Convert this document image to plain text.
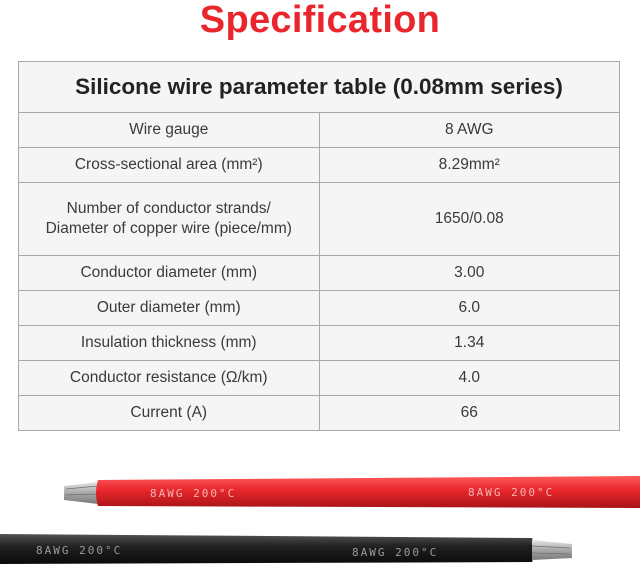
Specification
Silicone wire parameter table (0.08mm series)	
Wire gauge	8 AWG
Cross-sectional area (mm²)	8.29mm²
Number of conductor strands/
Diameter of copper wire (piece/mm)	1650/0.08
Conductor diameter (mm)	3.00
Outer diameter (mm)	6.0
Insulation thickness (mm)	1.34
Conductor resistance (Ω/km)	4.0
Current (A)	66
8AWG 200°C	8AWG 200°C
8AWG 200°C	8AWG 200°C
